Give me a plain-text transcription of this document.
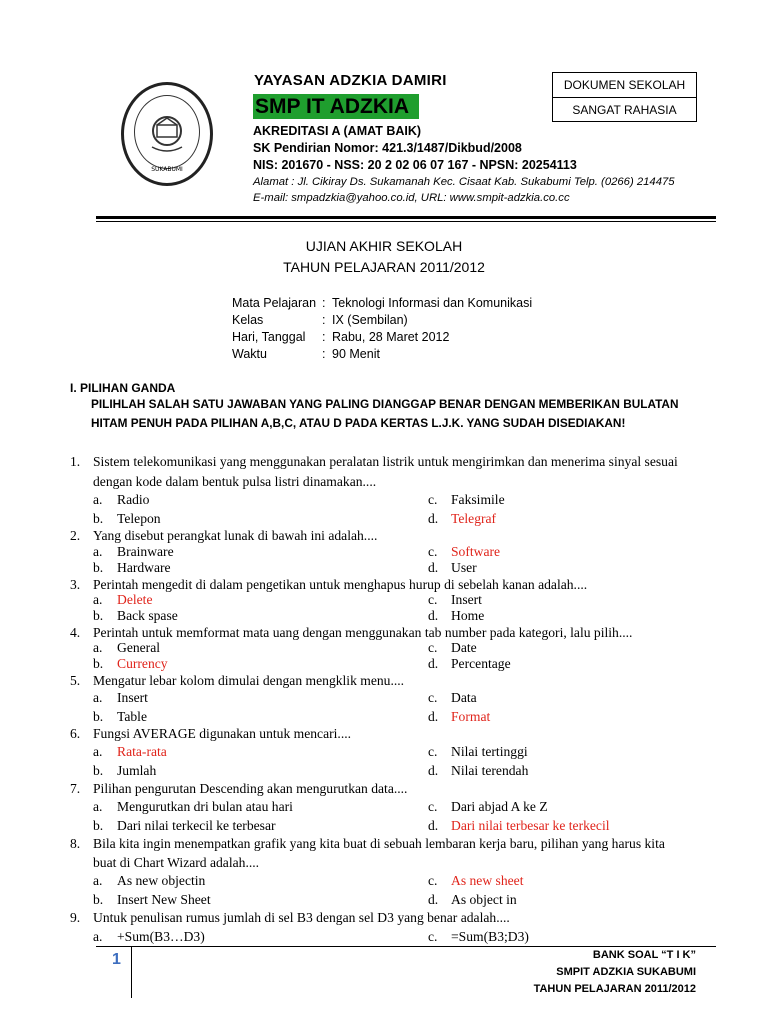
SUKABUMI
YAYASAN ADZKIA DAMIRI
SMP IT ADZKIA
AKREDITASI A (AMAT BAIK)
SK Pendirian Nomor: 421.3/1487/Dikbud/2008
NIS: 201670 - NSS: 20 2 02 06 07 167 - NPSN: 20254113
Alamat : Jl. Cikiray Ds. Sukamanah Kec. Cisaat Kab. Sukabumi Telp. (0266) 214475
E-mail: smpadzkia@yahoo.co.id, URL: www.smpit-adzkia.co.cc
DOKUMEN SEKOLAH
SANGAT RAHASIA
UJIAN AKHIR SEKOLAH
TAHUN PELAJARAN 2011/2012
Mata Pelajaran : Teknologi Informasi dan Komunikasi
Kelas	: IX (Sembilan)
Hari, Tanggal : Rabu, 28 Maret 2012
Waktu	: 90 Menit
I. PILIHAN GANDA
PILIHLAH SALAH SATU JAWABAN YANG PALING DIANGGAP BENAR DENGAN MEMBERIKAN BULATAN
HITAM PENUH PADA PILIHAN A,B,C, ATAU D PADA KERTAS L.J.K. YANG SUDAH DISEDIAKAN!
1. Sistem telekomunikasi yang menggunakan peralatan listrik untuk mengirimkan dan menerima sinyal sesuai
dengan kode dalam bentuk pulsa listri dinamakan....
a. Radio	c. Faksimile
b. Telepon	d. Telegraf
2. Yang disebut perangkat lunak di bawah ini adalah....
a. Brainware	c. Software
b. Hardware	d. User
3. Perintah mengedit di dalam pengetikan untuk menghapus hurup di sebelah kanan adalah....
a. Delete	c. Insert
b. Back spase	d. Home
4. Perintah untuk memformat mata uang dengan menggunakan tab number pada kategori, lalu pilih....
a. General	c. Date
b. Currency	d. Percentage
5. Mengatur lebar kolom dimulai dengan mengklik menu....
a. Insert	c. Data
b. Table	d. Format
6. Fungsi AVERAGE digunakan untuk mencari....
a. Rata-rata	c. Nilai tertinggi
b. Jumlah	d. Nilai terendah
7. Pilihan pengurutan Descending akan mengurutkan data....
a. Mengurutkan dri bulan atau hari	c. Dari abjad A ke Z
b. Dari nilai terkecil ke terbesar	d. Dari nilai terbesar ke terkecil
8. Bila kita ingin menempatkan grafik yang kita buat di sebuah lembaran kerja baru, pilihan yang harus kita
buat di Chart Wizard adalah....
a. As new objectin	c. As new sheet
b. Insert New Sheet	d. As object in
9. Untuk penulisan rumus jumlah di sel B3 dengan sel D3 yang benar adalah....
a. +Sum(B3…D3)	c. =Sum(B3;D3)
1	BANK SOAL “T I K”
SMPIT ADZKIA SUKABUMI
TAHUN PELAJARAN 2011/2012
